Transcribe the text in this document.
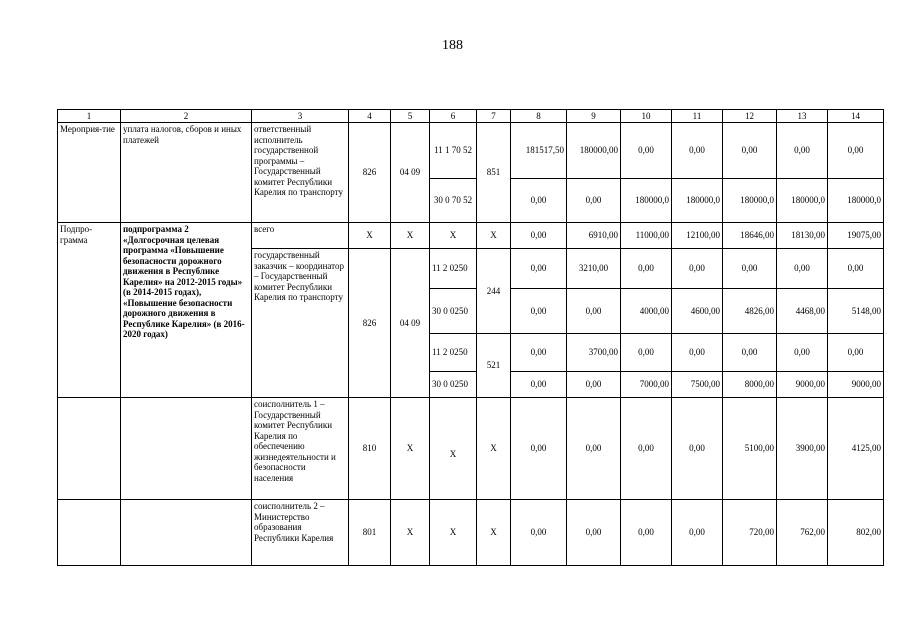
188
1	2	3	4	5	6	7	8	9	10	11	12	13	14
Мероприя-тие	уплата налогов, сборов и иных платежей	ответственный исполнитель государственной программы – Государственный комитет Республики Карелия по транспорту	826	04 09	11 1 70 52	851	181517,50	180000,00	0,00	0,00	0,00	0,00	0,00
					30 0 70 52		0,00	0,00	180000,0	180000,0	180000,0	180000,0	180000,0
Подпро-грамма	подпрограмма 2 «Долгосрочная целевая программа «Повышение безопасности дорожного движения в Республике Карелия» на 2012-2015 годы» (в 2014-2015 годах), «Повышение безопасности дорожного движения в Республике Карелия» (в 2016-2020 годах)	всего	X	X	X	X	0,00	6910,00	11000,00	12100,00	18646,00	18130,00	19075,00
		государственный заказчик – координатор – Государственный комитет Республики Карелия по транспорту	826	04 09	11 2 0250	244	0,00	3210,00	0,00	0,00	0,00	0,00	0,00
					30 0 0250		0,00	0,00	4000,00	4600,00	4826,00	4468,00	5148,00
					11 2 0250	521	0,00	3700,00	0,00	0,00	0,00	0,00	0,00
					30 0 0250		0,00	0,00	7000,00	7500,00	8000,00	9000,00	9000,00
		соисполнитель 1 – Государственный комитет Республики Карелия по обеспечению жизнедеятельности и безопасности населения	810	X	X	X	0,00	0,00	0,00	0,00	5100,00	3900,00	4125,00
		соисполнитель 2 – Министерство образования Республики Карелия	801	X	X	X	0,00	0,00	0,00	0,00	720,00	762,00	802,00
